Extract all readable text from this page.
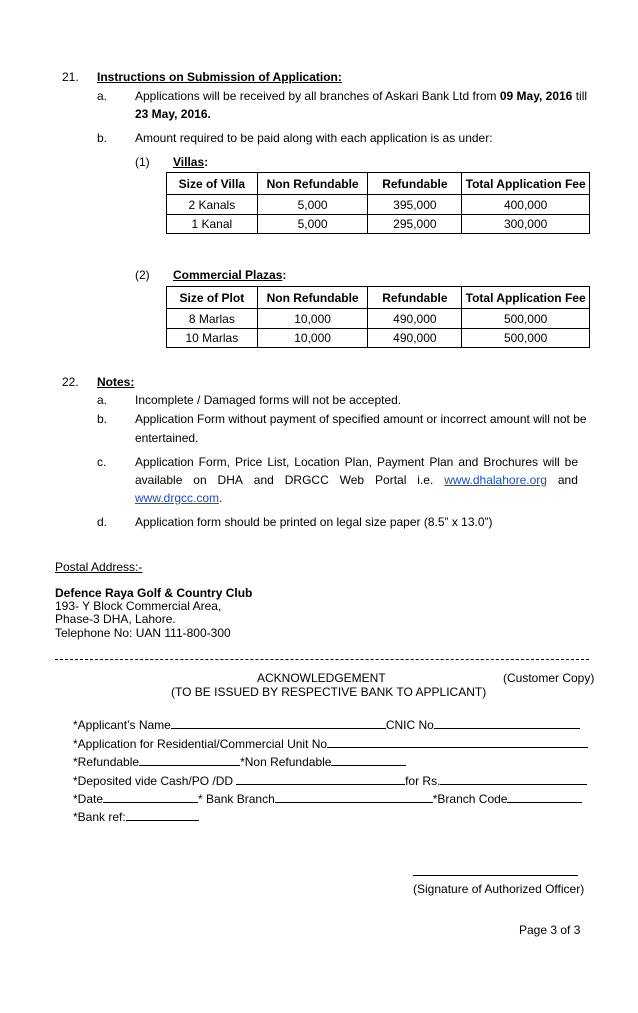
21. Instructions on Submission of Application:
a. Applications will be received by all branches of Askari Bank Ltd from 09 May, 2016 till
23 May, 2016.
b. Amount required to be paid along with each application is as under:
(1) Villas:
Size of Villa	Non Refundable	Refundable	Total Application Fee
2 Kanals	5,000	395,000	400,000
1 Kanal	5,000	295,000	300,000
(2) Commercial Plazas:
Size of Plot	Non Refundable	Refundable	Total Application Fee
8 Marlas	10,000	490,000	500,000
10 Marlas	10,000	490,000	500,000
22. Notes:
a. Incomplete / Damaged forms will not be accepted.
b. Application Form without payment of specified amount or incorrect amount will not be
entertained.
c. Application Form, Price List, Location Plan, Payment Plan and Brochures will be
available on DHA and DRGCC Web Portal i.e. www.dhalahore.org and
www.drgcc.com.
d. Application form should be printed on legal size paper (8.5” x 13.0”)
Postal Address:-
Defence Raya Golf & Country Club
193- Y Block Commercial Area,
Phase-3 DHA, Lahore.
Telephone No: UAN 111-800-300
ACKNOWLEDGEMENT	(Customer Copy)
(TO BE ISSUED BY RESPECTIVE BANK TO APPLICANT)
*Applicant’s Name	CNIC No
*Application for Residential/Commercial Unit No
*Refundable	*Non Refundable
*Deposited vide Cash/PO /DD	for Rs.
*Date	* Bank Branch	*Branch Code
*Bank ref:
(Signature of Authorized Officer)
Page 3 of 3
